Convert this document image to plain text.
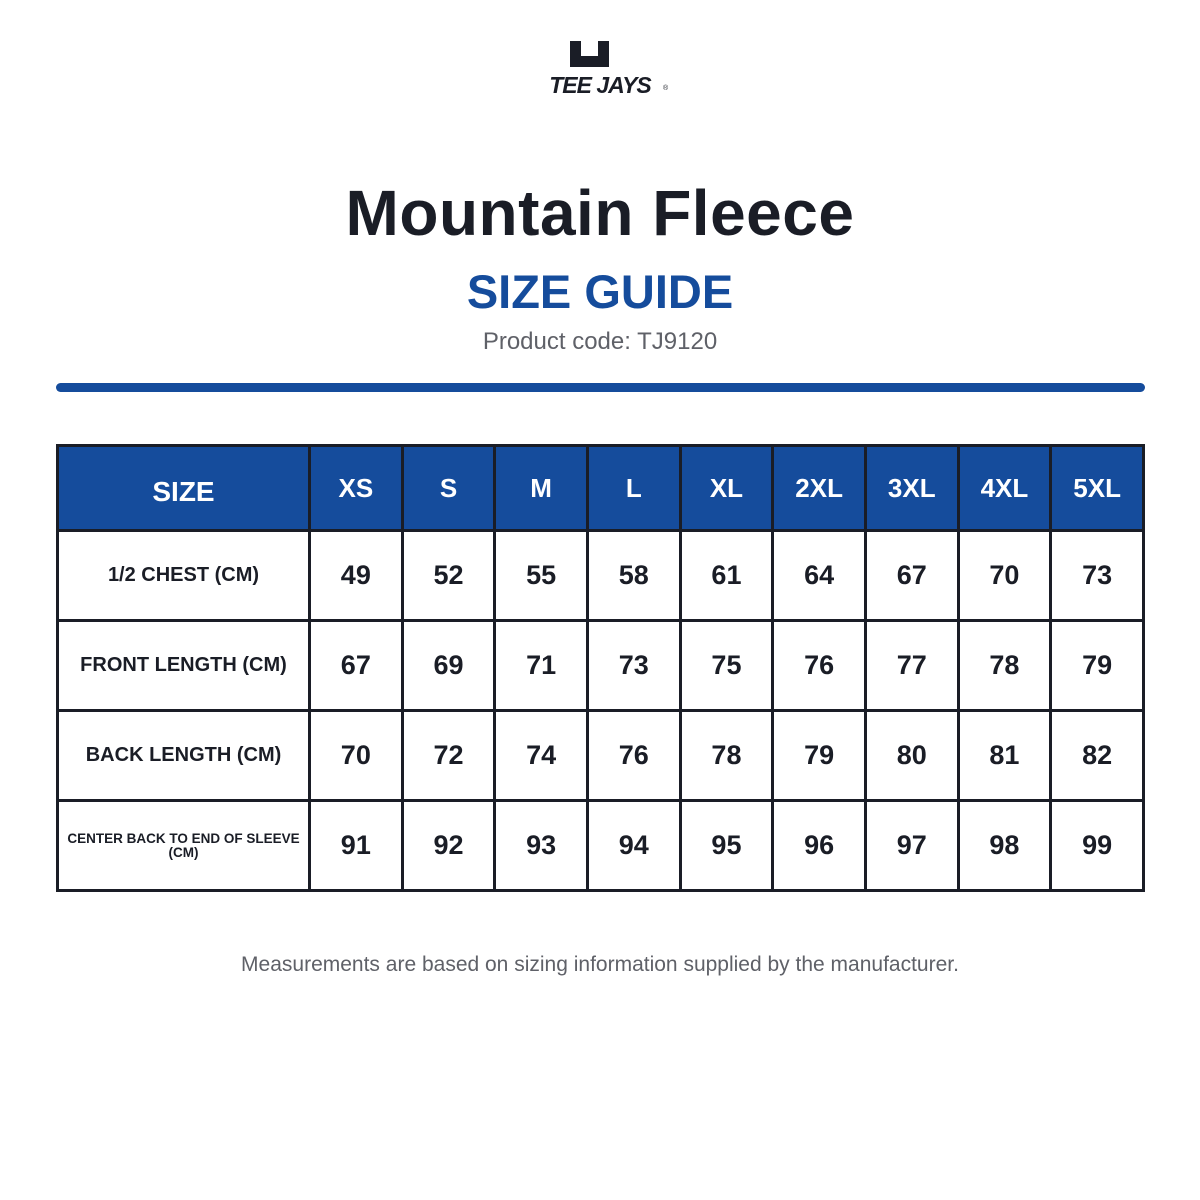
TEE JAYS ®
Mountain Fleece
SIZE GUIDE
Product code: TJ9120
SIZE	XS	S	M	L	XL	2XL	3XL	4XL	5XL
1/2 CHEST (CM)	49	52	55	58	61	64	67	70	73
FRONT LENGTH (CM)	67	69	71	73	75	76	77	78	79
BACK LENGTH (CM)	70	72	74	76	78	79	80	81	82
CENTER BACK TO END OF SLEEVE (CM)	91	92	93	94	95	96	97	98	99
Measurements are based on sizing information supplied by the manufacturer.
